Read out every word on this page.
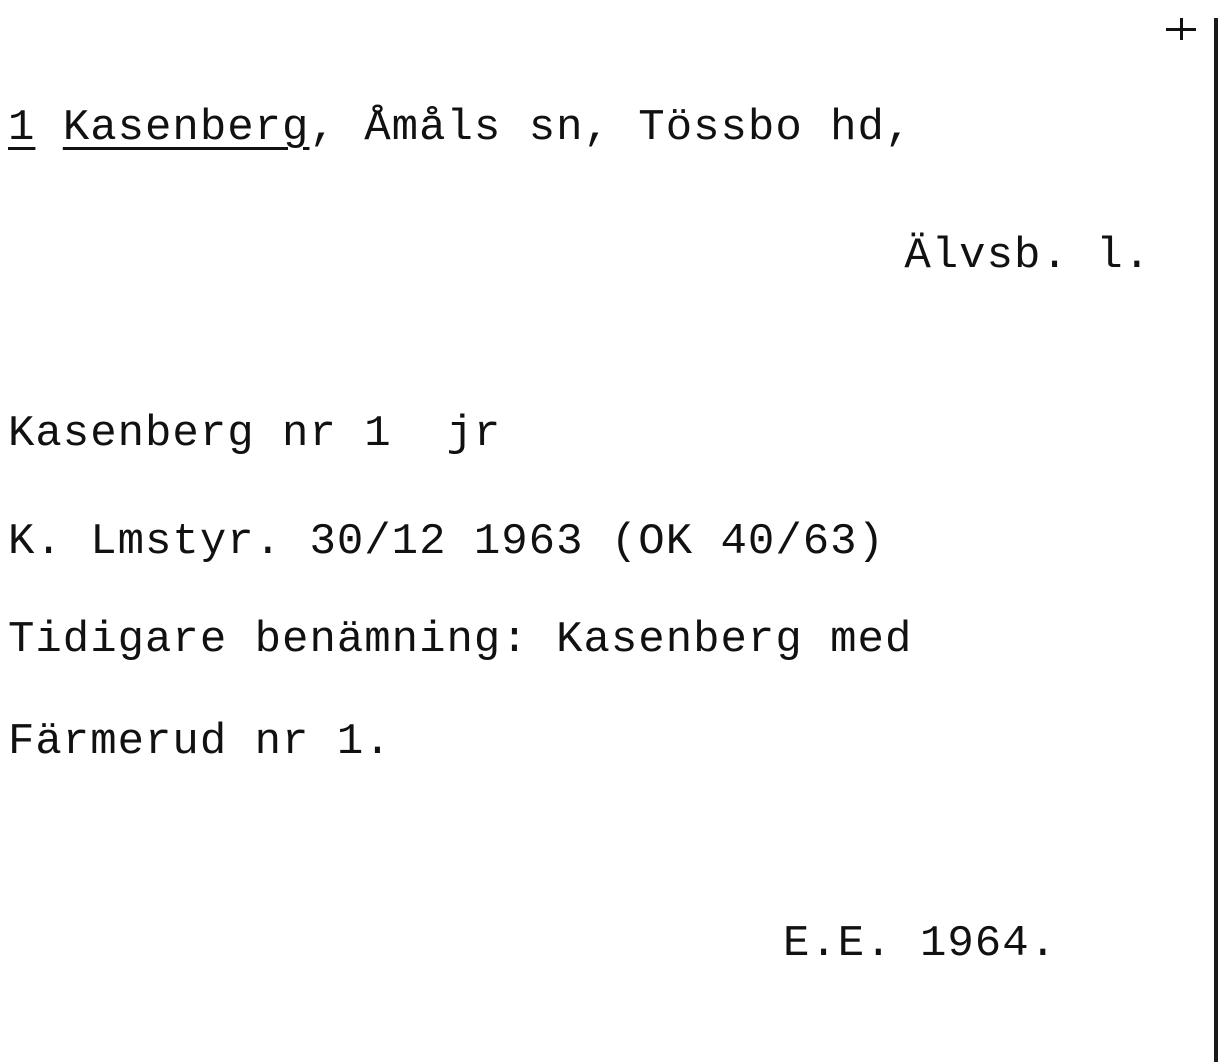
1 Kasenberg, Åmåls sn, Tössbo hd,

Älvsb. l.

Kasenberg nr 1  jr

K. Lmstyr. 30/12 1963 (OK 40/63)

Tidigare benämning: Kasenberg med

Färmerud nr 1.

E.E. 1964.
